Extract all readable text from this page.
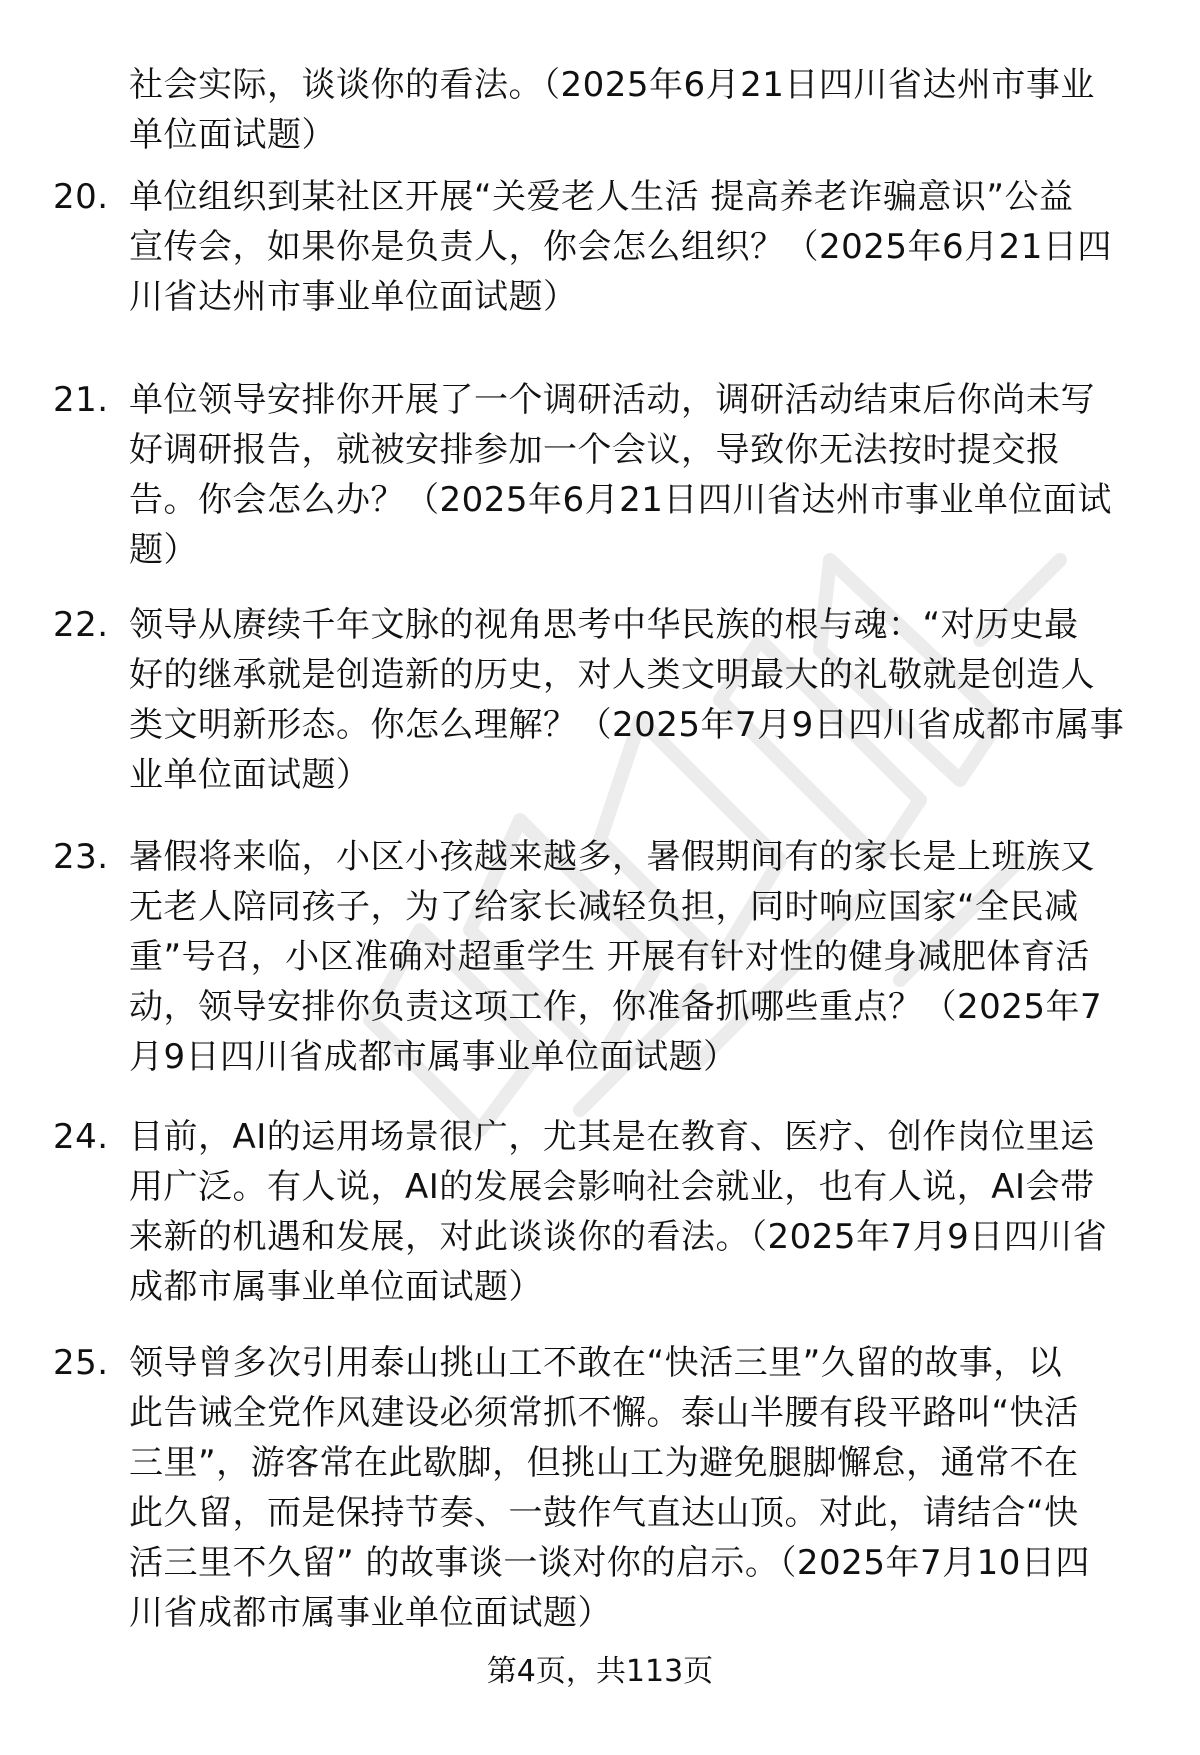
社会实际，谈谈你的看法。（2025年6月21日四川省达州市事业
单位面试题）
20. 单位组织到某社区开展“关爱老人生活 提高养老诈骗意识”公益
宣传会，如果你是负责人，你会怎么组织？（2025年6月21日四
川省达州市事业单位面试题）
21. 单位领导安排你开展了一个调研活动，调研活动结束后你尚未写
好调研报告，就被安排参加一个会议，导致你无法按时提交报
告。你会怎么办？（2025年6月21日四川省达州市事业单位面试
题）
22. 领导从赓续千年文脉的视角思考中华民族的根与魂：“对历史最
好的继承就是创造新的历史，对人类文明最大的礼敬就是创造人
类文明新形态。你怎么理解？（2025年7月9日四川省成都市属事
业单位面试题）
23. 暑假将来临，小区小孩越来越多，暑假期间有的家长是上班族又
无老人陪同孩子，为了给家长减轻负担，同时响应国家“全民减
重”号召，小区准确对超重学生 开展有针对性的健身减肥体育活
动，领导安排你负责这项工作，你准备抓哪些重点？（2025年7
月9日四川省成都市属事业单位面试题）
24. 目前，AI的运用场景很广，尤其是在教育、医疗、创作岗位里运
用广泛。有人说，AI的发展会影响社会就业，也有人说，AI会带
来新的机遇和发展，对此谈谈你的看法。（2025年7月9日四川省
成都市属事业单位面试题）
25. 领导曾多次引用泰山挑山工不敢在“快活三里”久留的故事，以
此告诫全党作风建设必须常抓不懈。泰山半腰有段平路叫“快活
三里”，游客常在此歇脚，但挑山工为避免腿脚懈怠，通常不在
此久留，而是保持节奏、一鼓作气直达山顶。对此，请结合“快
活三里不久留” 的故事谈一谈对你的启示。（2025年7月10日四
川省成都市属事业单位面试题）
第4页，共113页
